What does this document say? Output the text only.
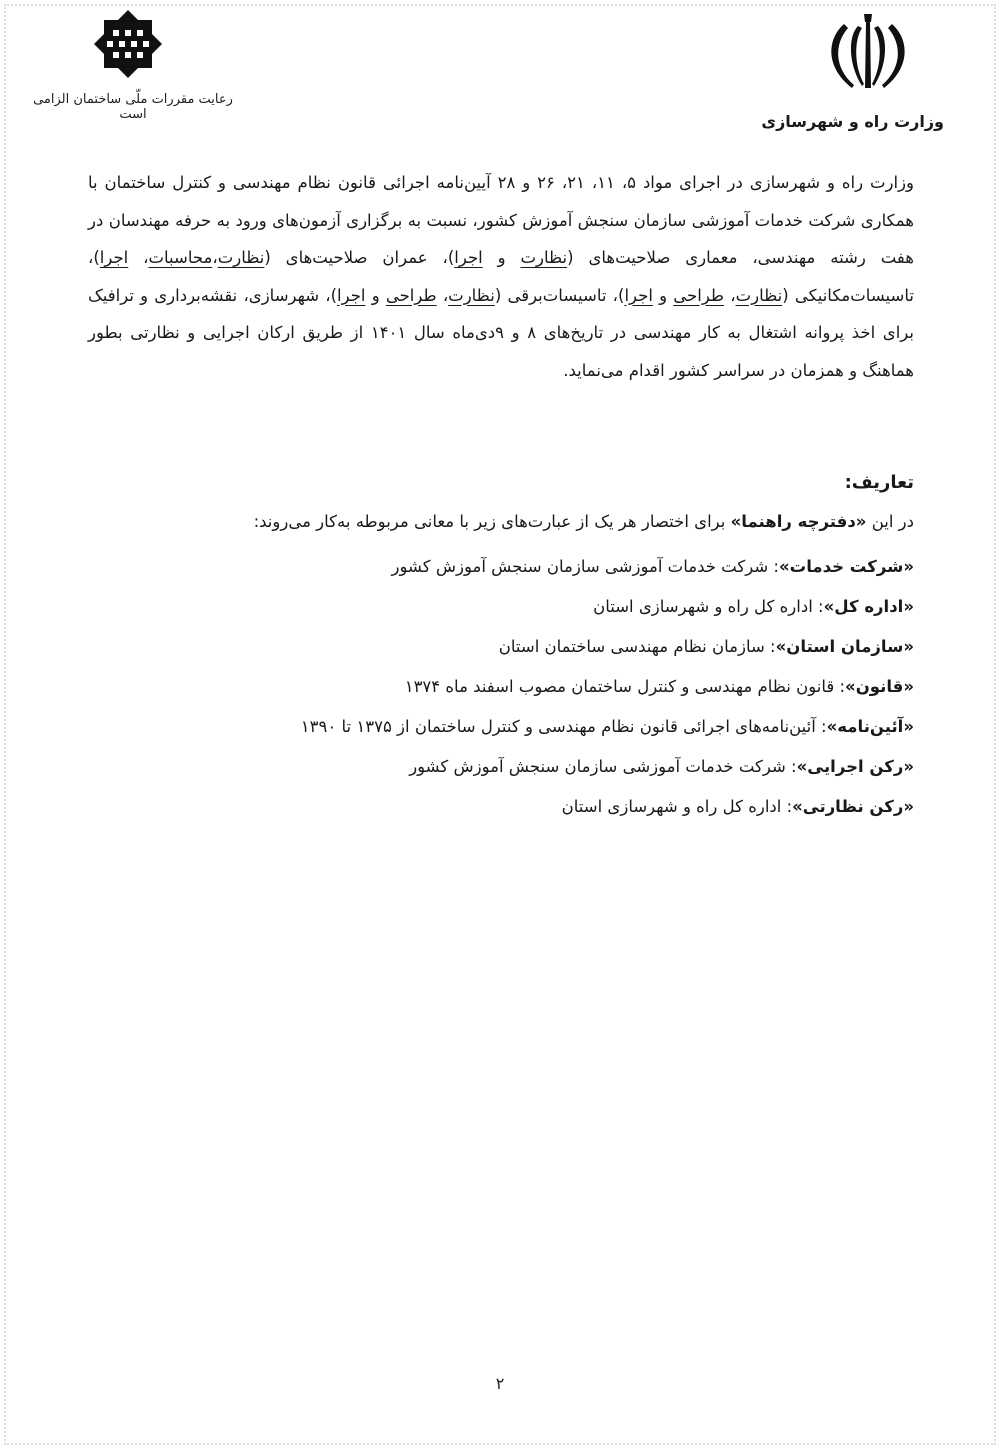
وزارت راه و شهرسازی
رعایت مقررات ملّی ساختمان الزامی است
وزارت راه و شهرسازی در اجرای مواد ۵، ۱۱، ۲۱، ۲۶ و ۲۸ آیین‌نامه اجرائی قانون نظام مهندسی و کنترل ساختمان با همکاری شرکت خدمات آموزشی سازمان سنجش آموزش کشور، نسبت به برگزاری آزمون‌های ورود به حرفه مهندسان در هفت رشته مهندسی، معماری صلاحیت‌های (نظارت و اجرا)، عمران صلاحیت‌های (نظارت،محاسبات، اجرا)، تاسیسات‌مکانیکی (نظارت، طراحی و اجرا)، تاسیسات‌برقی (نظارت، طراحی و اجرا)، شهرسازی، نقشه‌برداری و ترافیک برای اخذ پروانه اشتغال به کار مهندسی در تاریخ‌های ۸ و ۹دی‌ماه سال ۱۴۰۱ از طریق ارکان اجرایی و نظارتی بطور هماهنگ و همزمان در سراسر کشور اقدام می‌نماید.
تعاریف:
در این «دفترچه راهنما» برای اختصار هر یک از عبارت‌های زیر با معانی مربوطه به‌کار می‌روند:
«شرکت خدمات»: شرکت خدمات آموزشی سازمان سنجش آموزش کشور
«اداره کل»: اداره کل راه و شهرسازی استان
«سازمان استان»: سازمان نظام مهندسی ساختمان استان
«قانون»: قانون نظام مهندسی و کنترل ساختمان مصوب اسفند ماه ۱۳۷۴
«آئین‌نامه»: آئین‌نامه‌های اجرائی قانون نظام مهندسی و کنترل ساختمان از ۱۳۷۵ تا ۱۳۹۰
«رکن اجرایی»: شرکت خدمات آموزشی سازمان سنجش آموزش کشور
«رکن نظارتی»: اداره کل راه و شهرسازی استان
۲
